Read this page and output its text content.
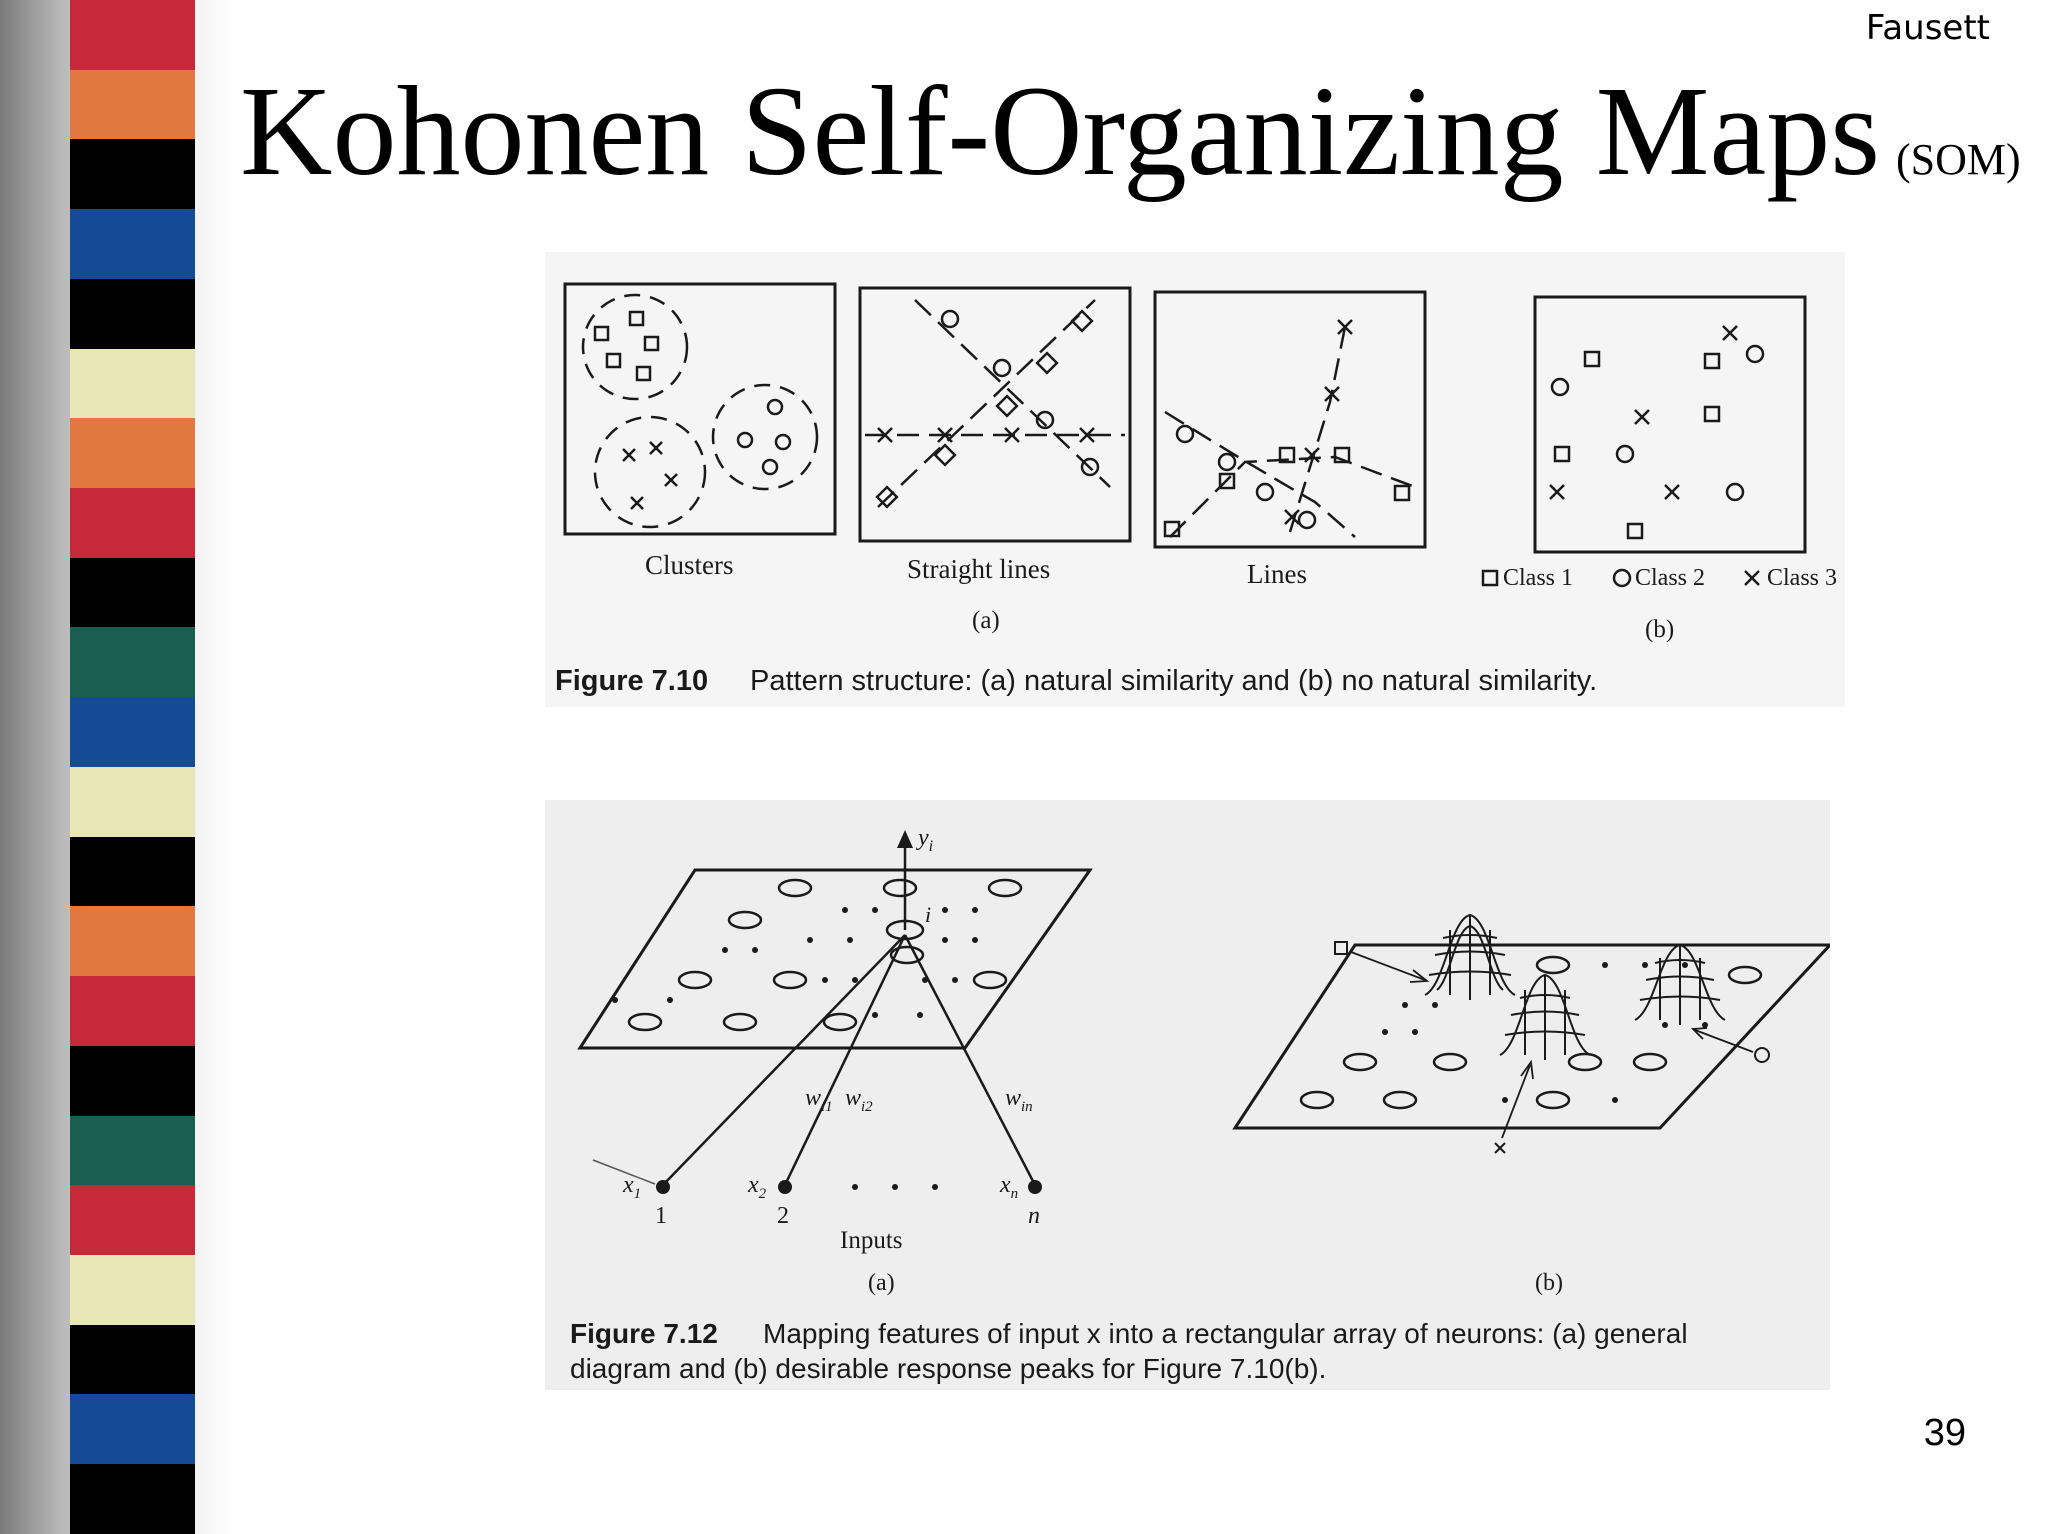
Fausett
Kohonen Self-Organizing Maps (SOM)
Clusters	Straight lines	Lines
(a)	(b)
Class 1	Class 2	Class 3
Figure 7.10 Pattern structure: (a) natural similarity and (b) no natural similarity.
$y_i$
i
$w_{i1}$ $w_{i2}$	$w_{in}$
$x_1$	$x_2$	$x_n$
1	2	n
Inputs
(a)	(b)
Figure 7.12 Mapping features of input x into a rectangular array of neurons: (a) general
diagram and (b) desirable response peaks for Figure 7.10(b).
39
